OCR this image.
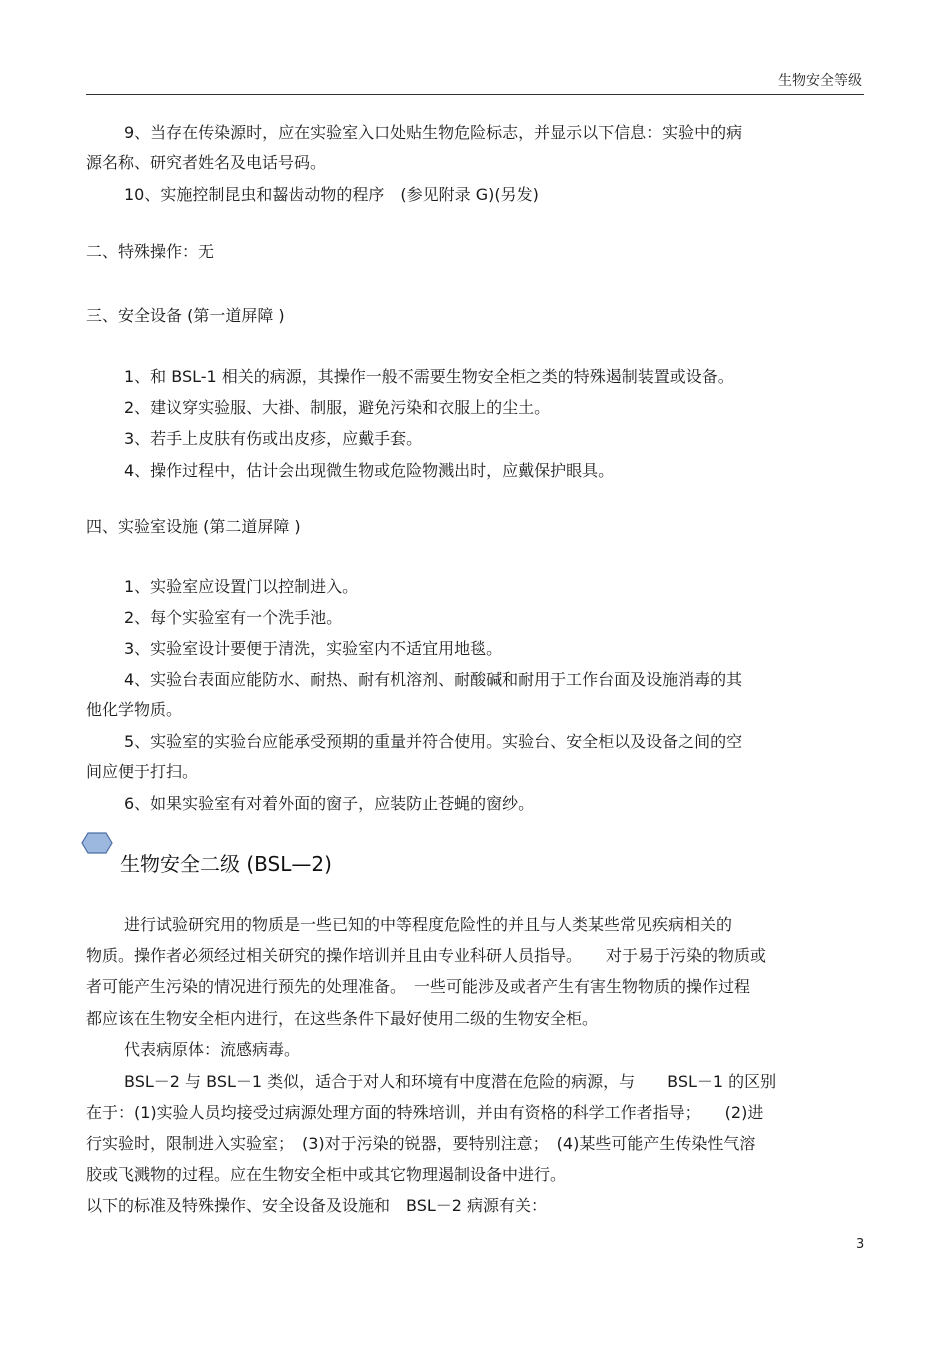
生物安全等级
9、当存在传染源时，应在实验室入口处贴生物危险标志，并显示以下信息：实验中的病
源名称、研究者姓名及电话号码。
10、实施控制昆虫和齧齿动物的程序　(参见附录 G)(另发)
二、特殊操作：无
三、安全设备 (第一道屏障 )
1、和 BSL-1 相关的病源，其操作一般不需要生物安全柜之类的特殊遏制装置或设备。
2、建议穿实验服、大褂、制服，避免污染和衣服上的尘土。
3、若手上皮肤有伤或出皮疹，应戴手套。
4、操作过程中，估计会出现微生物或危险物溅出时，应戴保护眼具。
四、实验室设施 (第二道屏障 )
1、实验室应设置门以控制进入。
2、每个实验室有一个洗手池。
3、实验室设计要便于清洗，实验室内不适宜用地毯。
4、实验台表面应能防水、耐热、耐有机溶剂、耐酸碱和耐用于工作台面及设施消毒的其
他化学物质。
5、实验室的实验台应能承受预期的重量并符合使用。实验台、安全柜以及设备之间的空
间应便于打扫。
6、如果实验室有对着外面的窗子，应装防止苍蝇的窗纱。
生物安全二级 (BSL—2)
进行试验研究用的物质是一些已知的中等程度危险性的并且与人类某些常见疾病相关的
物质。操作者必须经过相关研究的操作培训并且由专业科研人员指导。　　对于易于污染的物质或
者可能产生污染的情况进行预先的处理准备。　一些可能涉及或者产生有害生物物质的操作过程
都应该在生物安全柜内进行，在这些条件下最好使用二级的生物安全柜。
代表病原体：流感病毒。
BSL－2 与 BSL－1 类似，适合于对人和环境有中度潜在危险的病源，与　　BSL－1 的区别
在于：(1)实验人员均接受过病源处理方面的特殊培训，并由有资格的科学工作者指导；　　(2)进
行实验时，限制进入实验室；　(3)对于污染的锐器，要特别注意；　(4)某些可能产生传染性气溶
胶或飞溅物的过程。应在生物安全柜中或其它物理遏制设备中进行。
以下的标准及特殊操作、安全设备及设施和　BSL－2 病源有关：
3
